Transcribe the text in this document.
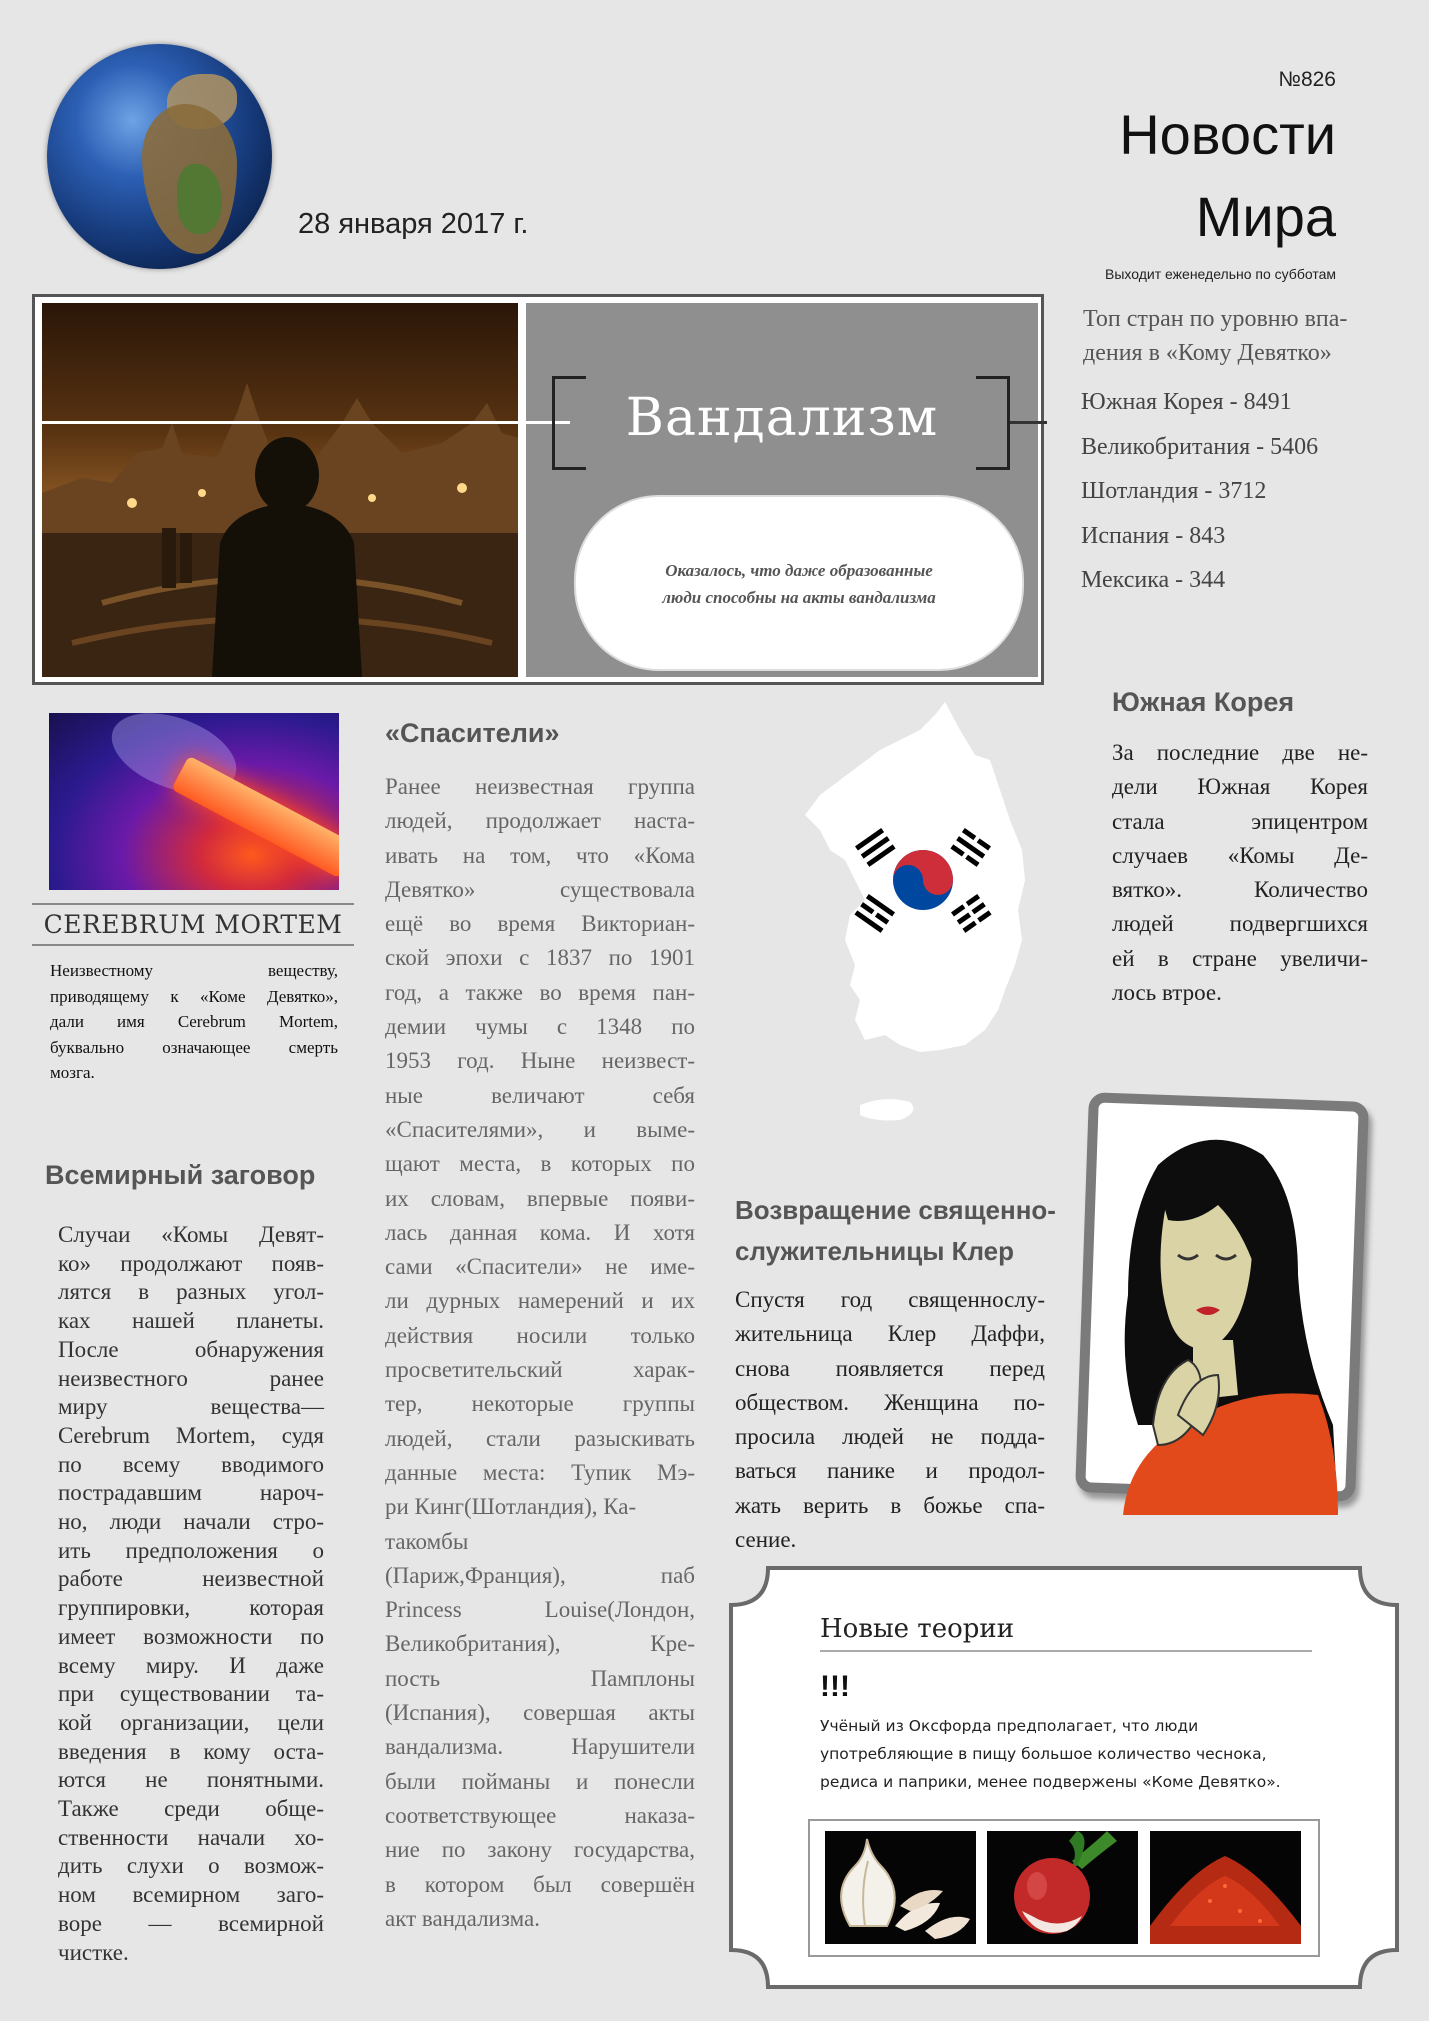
28 января 2017 г.
№826
Новости
Мира
Выходит еженедельно по субботам
Вандализм
Оказалось, что даже образованные
люди способны на акты вандализма
Топ стран по уровню впа-
дения в «Кому Девятко»
Южная Корея - 8491
Великобритания - 5406
Шотландия - 3712
Испания - 843
Мексика - 344
CEREBRUM MORTEM
Неизвестному веществу,
приводящему к «Коме Девятко»,
дали имя Cerebrum Mortem,
буквально означающее смерть
мозга.
«Спасители»
Ранее неизвестная группа
людей, продолжает наста-
ивать на том, что «Кома
Девятко» существовала
ещё во время Викториан-
ской эпохи с 1837 по 1901
год, а также во время пан-
демии чумы с 1348 по
1953 год. Ныне неизвест-
ные величают себя
«Спасителями», и выме-
щают места, в которых по
их словам, впервые появи-
лась данная кома. И хотя
сами «Спасители» не име-
ли дурных намерений и их
действия носили только
просветительский харак-
тер, некоторые группы
людей, стали разыскивать
данные места: Тупик Мэ-
ри Кинг(Шотландия), Ка-
такомбы
(Париж,Франция), паб
Princess Louise(Лондон,
Великобритания), Кре-
пость Памплоны
(Испания), совершая акты
вандализма. Нарушители
были пойманы и понесли
соответствующее наказа-
ние по закону государства,
в котором был совершён
акт вандализма.
Южная Корея
За последние две не-
дели Южная Корея
стала эпицентром
случаев «Комы Де-
вятко». Количество
людей подвергшихся
ей в стране увеличи-
лось втрое.
Всемирный заговор
Случаи «Комы Девят-
ко» продолжают появ-
лятся в разных угол-
ках нашей планеты.
После обнаружения
неизвестного ранее
миру вещества—
Cerebrum Mortem, судя
по всему вводимого
пострадавшим нароч-
но, люди начали стро-
ить предположения о
работе неизвестной
группировки, которая
имеет возможности по
всему миру. И даже
при существовании та-
кой организации, цели
введения в кому оста-
ются не понятными.
Также среди обще-
ственности начали хо-
дить слухи о возмож-
ном всемирном заго-
воре — всемирной
чистке.
Возвращение священно-
служительницы Клер
Спустя год священнослу-
жительница Клер Даффи,
снова появляется перед
обществом. Женщина по-
просила людей не подда-
ваться панике и продол-
жать верить в божье спа-
сение.
Новые теории
!!!
Учёный из Оксфорда предполагает, что люди
употребляющие в пищу большое количество чеснока,
редиса и паприки, менее подвержены «Коме Девятко».
